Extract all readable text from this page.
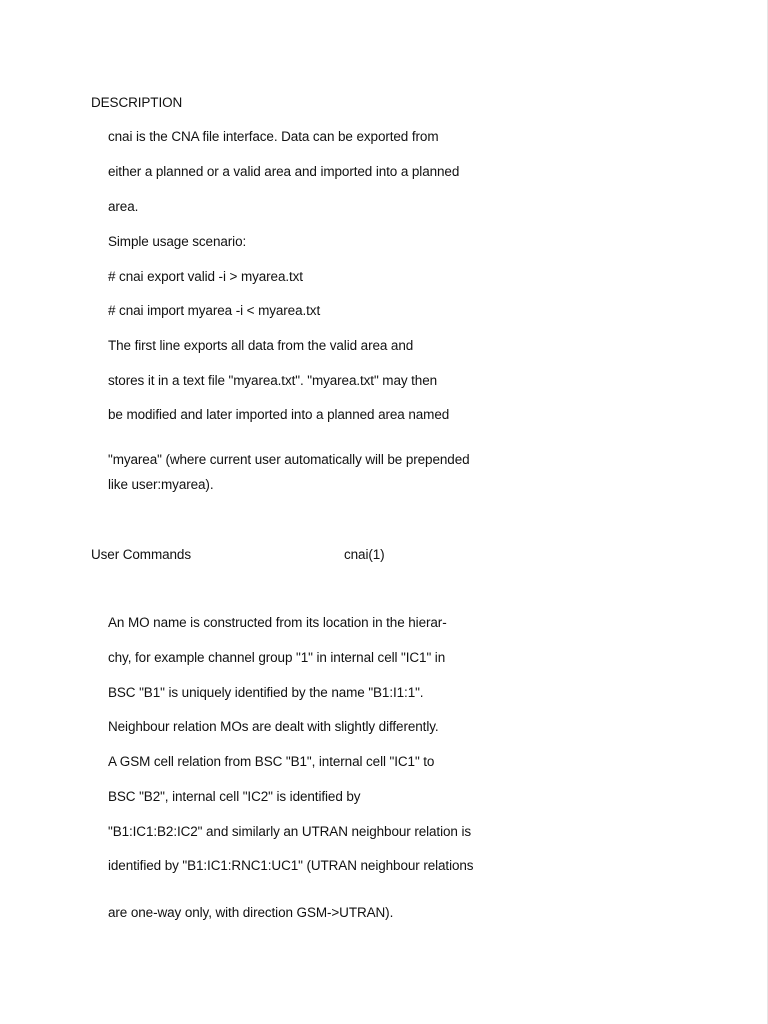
DESCRIPTION
cnai is the CNA file interface. Data can be exported from
either a planned or a valid area and imported into a planned
area.
Simple usage scenario:
# cnai export valid -i > myarea.txt
# cnai import myarea -i < myarea.txt
The first line exports all data from the valid area and
stores it in a text file "myarea.txt". "myarea.txt" may then
be modified and later imported into a planned area named
"myarea" (where current user automatically will be prepended
like user:myarea).
User Commands	cnai(1)
An MO name is constructed from its location in the hierar-
chy, for example channel group "1" in internal cell "IC1" in
BSC "B1" is uniquely identified by the name "B1:I1:1".
Neighbour relation MOs are dealt with slightly differently.
A GSM cell relation from BSC "B1", internal cell "IC1" to
BSC "B2", internal cell "IC2" is identified by
"B1:IC1:B2:IC2" and similarly an UTRAN neighbour relation is
identified by "B1:IC1:RNC1:UC1" (UTRAN neighbour relations
are one-way only, with direction GSM->UTRAN).
